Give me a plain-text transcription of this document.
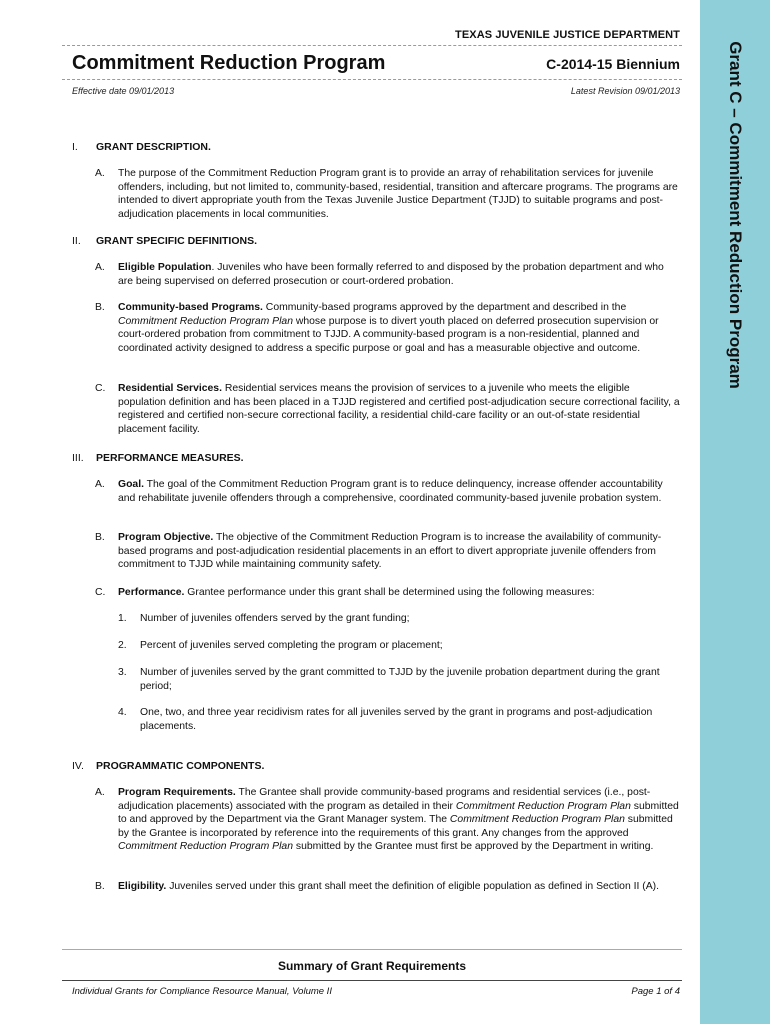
Grant C – Commitment Reduction Program
TEXAS JUVENILE JUSTICE DEPARTMENT
Commitment Reduction Program	C-2014-15 Biennium
Effective date 09/01/2013	Latest Revision 09/01/2013
I. GRANT DESCRIPTION.
A. The purpose of the Commitment Reduction Program grant is to provide an array of rehabilitation services for juvenile offenders, including, but not limited to, community-based, residential, transition and aftercare programs. The programs are intended to divert appropriate youth from the Texas Juvenile Justice Department (TJJD) to suitable programs and post-adjudication placements in local communities.
II. GRANT SPECIFIC DEFINITIONS.
A. Eligible Population. Juveniles who have been formally referred to and disposed by the probation department and who are being supervised on deferred prosecution or court-ordered probation.
B. Community-based Programs. Community-based programs approved by the department and described in the Commitment Reduction Program Plan whose purpose is to divert youth placed on deferred prosecution supervision or court-ordered probation from commitment to TJJD. A community-based program is a non-residential, planned and coordinated activity designed to address a specific purpose or goal and has a measurable objective and outcome.
C. Residential Services. Residential services means the provision of services to a juvenile who meets the eligible population definition and has been placed in a TJJD registered and certified post-adjudication secure correctional facility, a registered and certified non-secure correctional facility, a residential child-care facility or an out-of-state residential placement facility.
III. PERFORMANCE MEASURES.
A. Goal. The goal of the Commitment Reduction Program grant is to reduce delinquency, increase offender accountability and rehabilitate juvenile offenders through a comprehensive, coordinated community-based juvenile probation system.
B. Program Objective. The objective of the Commitment Reduction Program is to increase the availability of community-based programs and post-adjudication residential placements in an effort to divert appropriate juvenile offenders from commitment to TJJD while maintaining community safety.
C. Performance. Grantee performance under this grant shall be determined using the following measures:
1. Number of juveniles offenders served by the grant funding;
2. Percent of juveniles served completing the program or placement;
3. Number of juveniles served by the grant committed to TJJD by the juvenile probation department during the grant period;
4. One, two, and three year recidivism rates for all juveniles served by the grant in programs and post-adjudication placements.
IV. PROGRAMMATIC COMPONENTS.
A. Program Requirements. The Grantee shall provide community-based programs and residential services (i.e., post-adjudication placements) associated with the program as detailed in their Commitment Reduction Program Plan submitted to and approved by the Department via the Grant Manager system. The Commitment Reduction Program Plan submitted by the Grantee is incorporated by reference into the requirements of this grant. Any changes from the approved Commitment Reduction Program Plan submitted by the Grantee must first be approved by the Department in writing.
B. Eligibility. Juveniles served under this grant shall meet the definition of eligible population as defined in Section II (A).
Summary of Grant Requirements
Individual Grants for Compliance Resource Manual, Volume II	Page 1 of 4
